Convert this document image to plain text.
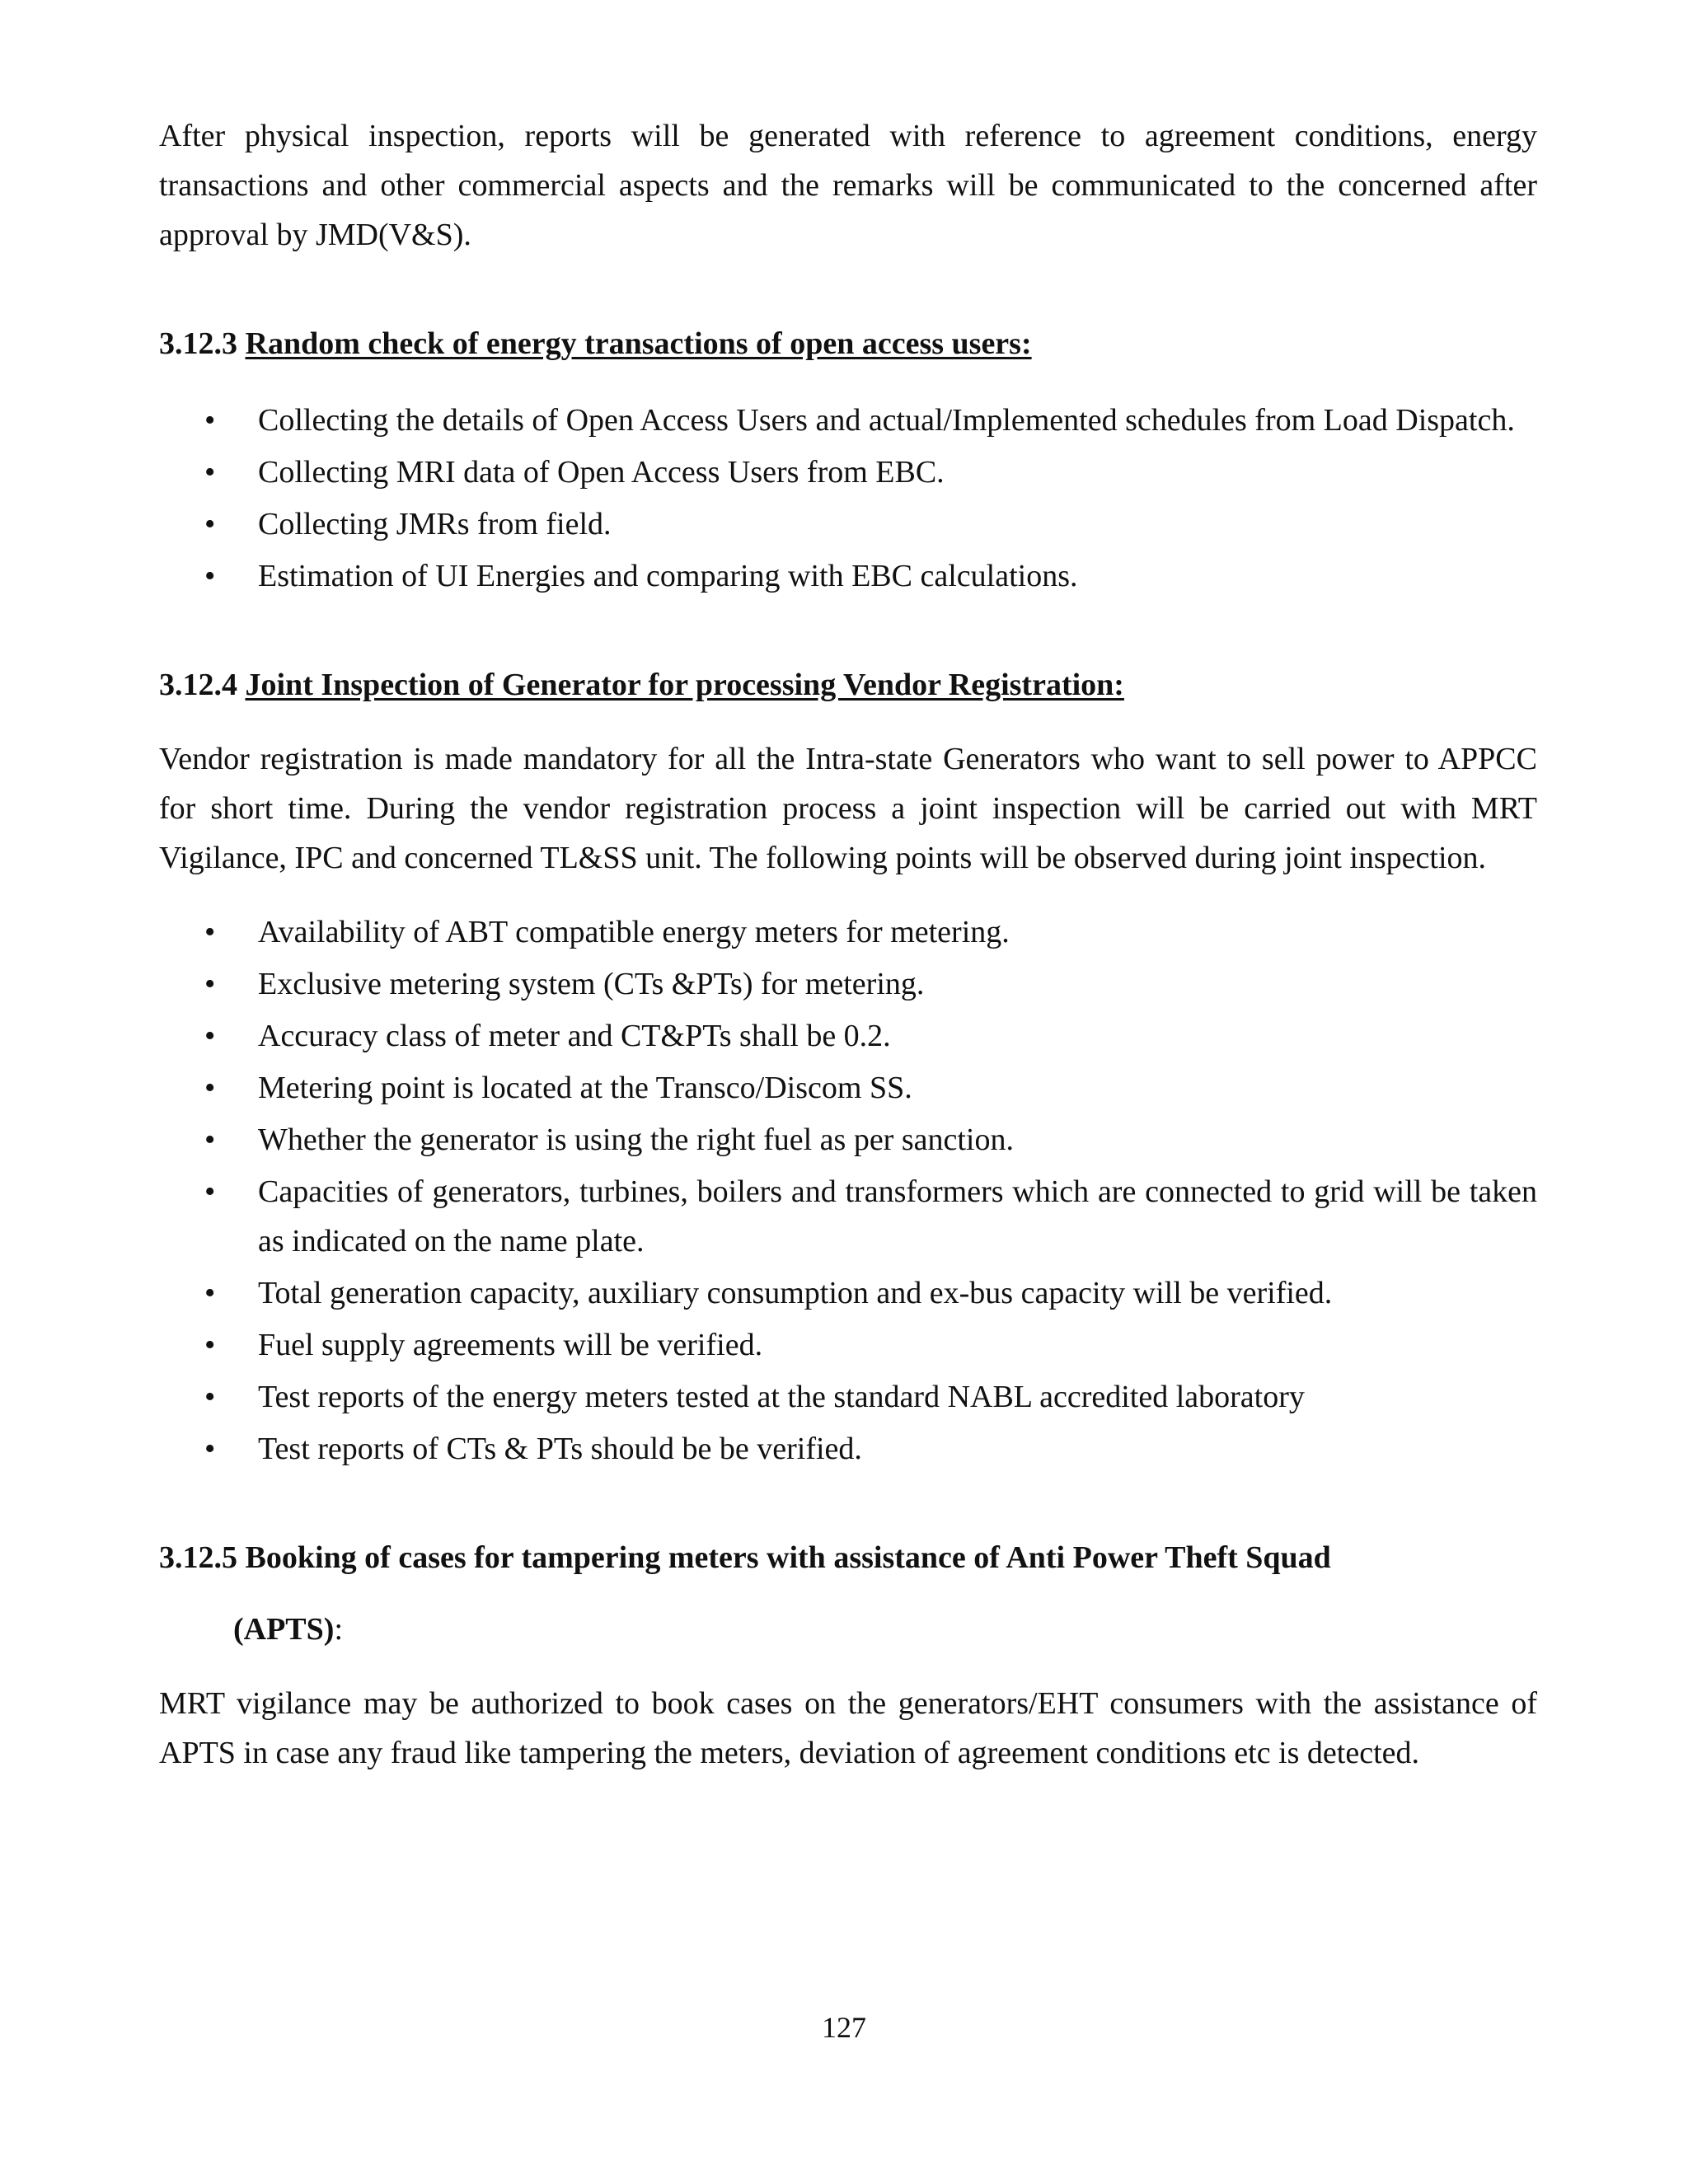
After physical inspection, reports will be generated with reference to agreement conditions, energy transactions and other commercial aspects and the remarks will be communicated to the concerned after approval by JMD(V&S).

3.12.3 Random check of energy transactions of open access users:
•	Collecting the details of Open Access Users and actual/Implemented schedules from Load Dispatch.
•	Collecting MRI data of Open Access Users from EBC.
•	Collecting JMRs from field.
•	Estimation of UI Energies and comparing with EBC calculations.
3.12.4 Joint Inspection of Generator for processing Vendor Registration:

Vendor registration is made mandatory for all the Intra-state Generators who want to sell power to APPCC for short time. During the vendor registration process a joint inspection will be carried out with MRT Vigilance, IPC and concerned TL&SS unit. The following points will be observed during joint inspection.

•	Availability of ABT compatible energy meters for metering.
•	Exclusive metering system (CTs &PTs) for metering.
•	Accuracy class of meter and CT&PTs shall be 0.2.
•	Metering point is located at the Transco/Discom SS.
•	Whether the generator is using the right fuel as per sanction.
•	Capacities of generators, turbines, boilers and transformers which are connected to grid will be taken as indicated on the name plate.
•	Total generation capacity, auxiliary consumption and ex-bus capacity will be verified.
•	Fuel supply agreements will be verified.
•	Test reports of the energy meters tested at the standard NABL accredited laboratory
•	Test reports of CTs & PTs should be be verified.
3.12.5 Booking of cases for tampering meters with assistance of Anti Power Theft Squad

(APTS):

MRT vigilance may be authorized to book cases on the generators/EHT consumers with the assistance of APTS in case any fraud like tampering the meters, deviation of agreement conditions etc is detected.

127
